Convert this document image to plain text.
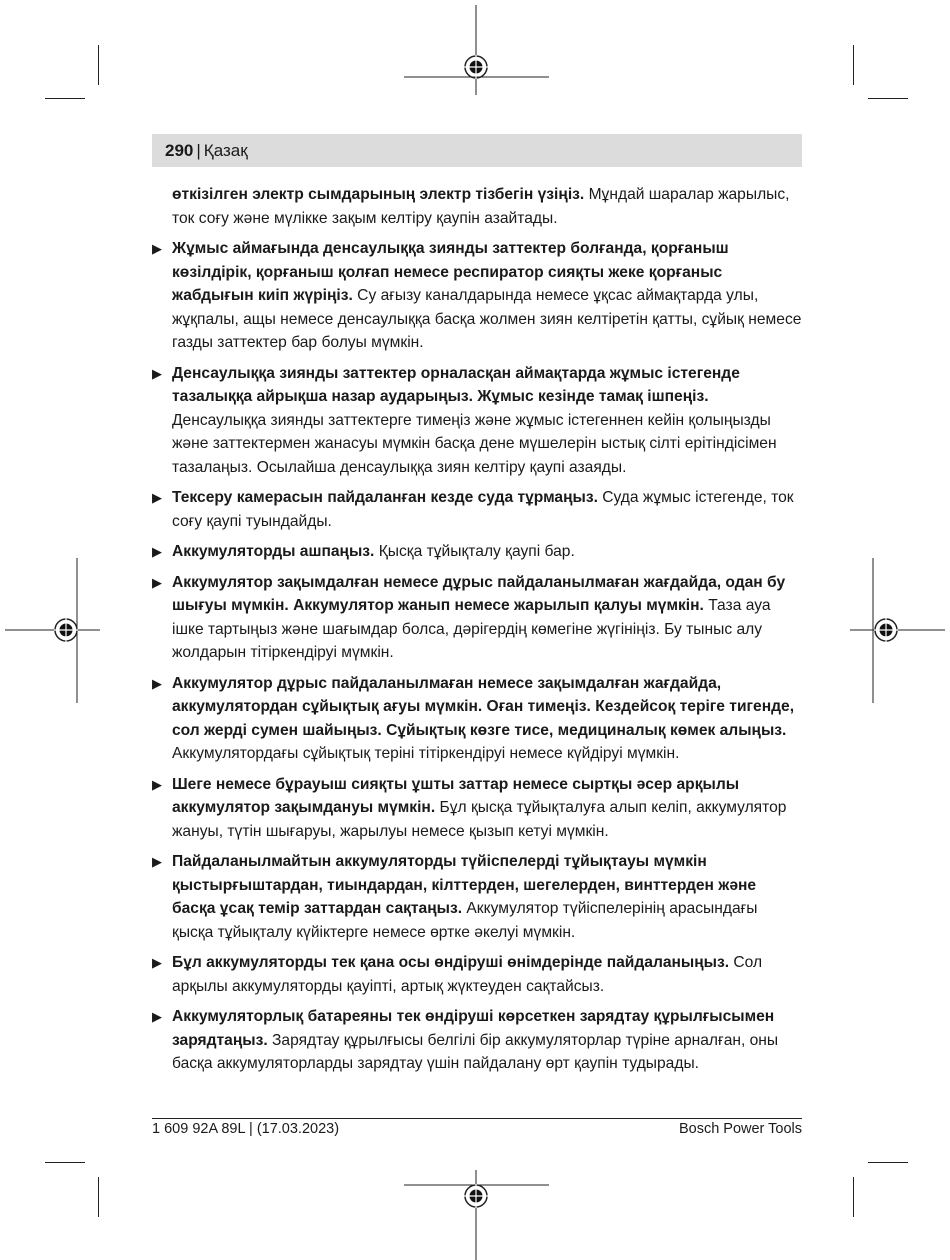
290 | Қазақ

өткізілген электр сымдарының электр тізбегін үзіңіз. Мұндай шаралар жарылыс, ток соғу және мүлікке зақым келтіру қаупін азайтады.

▶ Жұмыс аймағында денсаулыққа зиянды заттектер болғанда, қорғаныш көзілдірік, қорғаныш қолғап немесе респиратор сияқты жеке қорғаныс жабдығын киіп жүріңіз. Су ағызу каналдарында немесе ұқсас аймақтарда улы, жұқпалы, ащы немесе денсаулыққа басқа жолмен зиян келтіретін қатты, сұйық немесе газды заттектер бар болуы мүмкін.

▶ Денсаулыққа зиянды заттектер орналасқан аймақтарда жұмыс істегенде тазалыққа айрықша назар аударыңыз. Жұмыс кезінде тамақ ішпеңіз. Денсаулыққа зиянды заттектерге тимеңіз және жұмыс істегеннен кейін қолыңызды және заттектермен жанасуы мүмкін басқа дене мүшелерін ыстық сілті ерітіндісімен тазалаңыз. Осылайша денсаулыққа зиян келтіру қаупі азаяды.

▶ Тексеру камерасын пайдаланған кезде суда тұрмаңыз. Суда жұмыс істегенде, ток соғу қаупі туындайды.

▶ Аккумуляторды ашпаңыз. Қысқа тұйықталу қаупі бар.

▶ Аккумулятор зақымдалған немесе дұрыс пайдаланылмаған жағдайда, одан бу шығуы мүмкін. Аккумулятор жанып немесе жарылып қалуы мүмкін. Таза ауа ішке тартыңыз және шағымдар болса, дәрігердің көмегіне жүгініңіз. Бу тыныс алу жолдарын тітіркендіруі мүмкін.

▶ Аккумулятор дұрыс пайдаланылмаған немесе зақымдалған жағдайда, аккумулятордан сұйықтық ағуы мүмкін. Оған тимеңіз. Кездейсоқ теріге тигенде, сол жерді сумен шайыңыз. Сұйықтық көзге тисе, медициналық көмек алыңыз. Аккумулятордағы сұйықтық терінi тітіркендіруі немесе күйдіруі мүмкін.

▶ Шеге немесе бұрауыш сияқты ұшты заттар немесе сыртқы әсер арқылы аккумулятор зақымдануы мүмкін. Бұл қысқа тұйықталуға алып келіп, аккумулятор жануы, түтін шығаруы, жарылуы немесе қызып кетуі мүмкін.

▶ Пайдаланылмайтын аккумуляторды түйіспелерді тұйықтауы мүмкін қыстырғыштардан, тиындардан, кілттерден, шегелерден, винттерден және басқа ұсақ темір заттардан сақтаңыз. Аккумулятор түйіспелерінің арасындағы қысқа тұйықталу күйіктерге немесе өртке әкелуі мүмкін.

▶ Бұл аккумуляторды тек қана осы өндіруші өнімдерінде пайдаланыңыз. Сол арқылы аккумуляторды қауіпті, артық жүктеуден сақтайсыз.

▶ Аккумуляторлық батареяны тек өндіруші көрсеткен зарядтау құрылғысымен зарядтаңыз. Зарядтау құрылғысы белгілі бір аккумуляторлар түріне арналған, оны басқа аккумуляторларды зарядтау үшін пайдалану өрт қаупін тудырады.

1 609 92A 89L | (17.03.2023)	Bosch Power Tools
